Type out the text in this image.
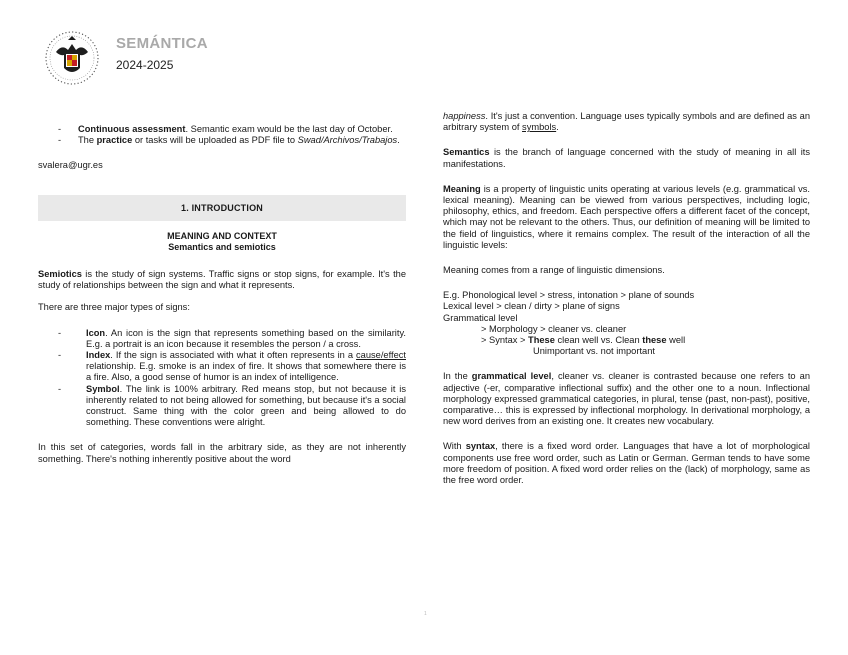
SEMÁNTICA
2024-2025
- Continuous assessment. Semantic exam would be the last day of October.
- The practice or tasks will be uploaded as PDF file to Swad/Archivos/Trabajos.

svalera@ugr.es

1. INTRODUCTION

MEANING AND CONTEXT

Semantics and semiotics

Semiotics is the study of sign systems. Traffic signs or stop signs, for example. It's the study of relationships between the sign and what it represents.

There are three major types of signs:

-	Icon. An icon is the sign that represents something based on the similarity. E.g. a portrait is an icon because it resembles the person / a cross.
-	Index. If the sign is associated with what it often represents in a cause/effect relationship. E.g. smoke is an index of fire. It shows that somewhere there is a fire. Also, a good sense of humor is an index of intelligence.
-	Symbol. The link is 100% arbitrary. Red means stop, but not because it is inherently related to not being allowed for something, but because it's a social construct. Same thing with the color green and being allowed to do something. These conventions were alright.

In this set of categories, words fall in the arbitrary side, as they are not inherently something. There's nothing inherently positive about the word

happiness. It's just a convention. Language uses typically symbols and are defined as an arbitrary system of symbols.

Semantics is the branch of language concerned with the study of meaning in all its manifestations.

Meaning is a property of linguistic units operating at various levels (e.g. grammatical vs. lexical meaning). Meaning can be viewed from various perspectives, including logic, philosophy, ethics, and freedom. Each perspective offers a different facet of the concept, which may not be relevant to the others. Thus, our definition of meaning will be limited to the field of linguistics, where it remains complex. The result of the interaction of all the linguistic levels:

Meaning comes from a range of linguistic dimensions.

E.g. Phonological level > stress, intonation > plane of sounds

Lexical level > clean / dirty > plane of signs

Grammatical level

> Morphology > cleaner vs. cleaner

> Syntax > These clean well vs. Clean these well

Unimportant vs. not important

In the grammatical level, cleaner vs. cleaner is contrasted because one refers to an adjective (-er, comparative inflectional suffix) and the other one to a noun. Inflectional morphology expressed grammatical categories, in plural, tense (past, non-past), positive, comparative… this is expressed by inflectional morphology. In derivational morphology, a new word derives from an existing one. It creates new vocabulary.

With syntax, there is a fixed word order. Languages that have a lot of morphological components use free word order, such as Latin or German. German tends to have some more freedom of position. A fixed word order relies on the (lack) of morphology, same as the free word order.

1
